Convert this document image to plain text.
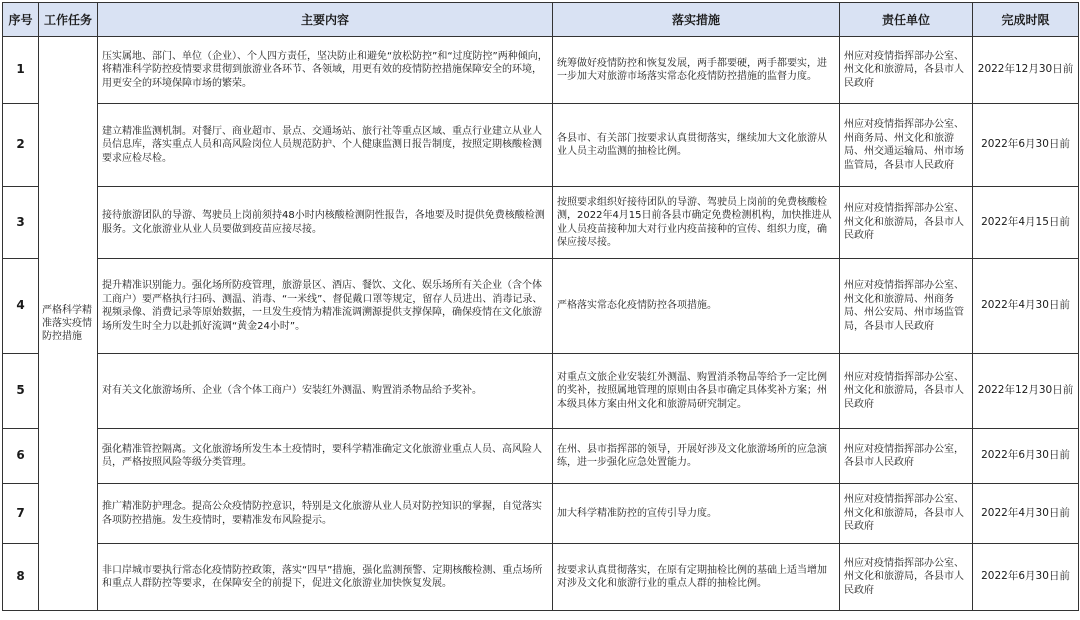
序号	工作任务	主要内容	落实措施	责任单位	完成时限
1	严格科学精准落实疫情防控措施	压实属地、部门、单位（企业）、个人四方责任，坚决防止和避免“放松防控”和“过度防控”两种倾向，将精准科学防控疫情要求贯彻到旅游业各环节、各领域，用更有效的疫情防控措施保障安全的环境，用更安全的环境保障市场的繁荣。	统筹做好疫情防控和恢复发展，两手都要硬，两手都要实，进一步加大对旅游市场落实常态化疫情防控措施的监督力度。	州应对疫情指挥部办公室、州文化和旅游局，各县市人民政府	2022年12月30日前
2		建立精准监测机制。对餐厅、商业超市、景点、交通场站、旅行社等重点区域、重点行业建立从业人员信息库，落实重点人员和高风险岗位人员规范防护、个人健康监测日报告制度，按照定期核酸检测要求应检尽检。	各县市、有关部门按要求认真贯彻落实，继续加大文化旅游从业人员主动监测的抽检比例。	州应对疫情指挥部办公室、州商务局、州文化和旅游局、州交通运输局、州市场监管局，各县市人民政府	2022年6月30日前
3		接待旅游团队的导游、驾驶员上岗前须持48小时内核酸检测阴性报告，各地要及时提供免费核酸检测服务。文化旅游业从业人员要做到疫苗应接尽接。	按照要求组织好接待团队的导游、驾驶员上岗前的免费核酸检测，2022年4月15日前各县市确定免费检测机构，加快推进从业人员疫苗接种加大对行业内疫苗接种的宣传、组织力度，确保应接尽接。	州应对疫情指挥部办公室、州文化和旅游局，各县市人民政府	2022年4月15日前
4		提升精准识别能力。强化场所防疫管理，旅游景区、酒店、餐饮、文化、娱乐场所有关企业（含个体工商户）要严格执行扫码、测温、消毒、“一米线”、督促戴口罩等规定，留存人员进出、消毒记录、视频录像、消费记录等原始数据，一旦发生疫情为精准流调溯源提供支撑保障，确保疫情在文化旅游场所发生时全力以赴抓好流调“黄金24小时”。	严格落实常态化疫情防控各项措施。	州应对疫情指挥部办公室、州文化和旅游局、州商务局、州公安局、州市场监管局，各县市人民政府	2022年4月30日前
5		对有关文化旅游场所、企业（含个体工商户）安装红外测温、购置消杀物品给予奖补。	对重点文旅企业安装红外测温、购置消杀物品等给予一定比例的奖补，按照属地管理的原则由各县市确定具体奖补方案；州本级具体方案由州文化和旅游局研究制定。	州应对疫情指挥部办公室、州文化和旅游局，各县市人民政府	2022年12月30日前
6		强化精准管控隔离。文化旅游场所发生本土疫情时，要科学精准确定文化旅游业重点人员、高风险人员，严格按照风险等级分类管理。	在州、县市指挥部的领导，开展好涉及文化旅游场所的应急演练，进一步强化应急处置能力。	州应对疫情指挥部办公室，各县市人民政府	2022年6月30日前
7		推广精准防护理念。提高公众疫情防控意识，特别是文化旅游从业人员对防控知识的掌握，自觉落实各项防控措施。发生疫情时，要精准发布风险提示。	加大科学精准防控的宣传引导力度。	州应对疫情指挥部办公室、州文化和旅游局，各县市人民政府	2022年4月30日前
8		非口岸城市要执行常态化疫情防控政策，落实“四早”措施，强化监测预警、定期核酸检测、重点场所和重点人群防控等要求，在保障安全的前提下，促进文化旅游业加快恢复发展。	按要求认真贯彻落实，在原有定期抽检比例的基础上适当增加对涉及文化和旅游行业的重点人群的抽检比例。	州应对疫情指挥部办公室、州文化和旅游局，各县市人民政府	2022年6月30日前
